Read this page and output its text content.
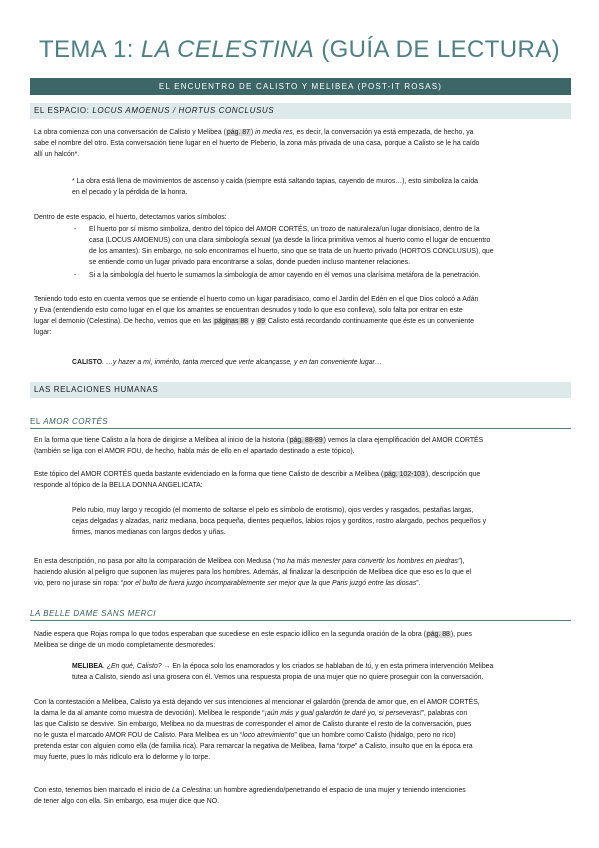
TEMA 1: LA CELESTINA (GUÍA DE LECTURA)
EL ENCUENTRO DE CALISTO Y MELIBEA (POST-IT ROSAS)
EL ESPACIO: LOCUS AMOENUS / HORTUS CONCLUSUS
La obra comienza con una conversación de Calisto y Melibea (pág. 87) in media res, es decir, la conversación ya está empezada, de hecho, ya
sabe el nombre del otro. Esta conversación tiene lugar en el huerto de Pleberio, la zona más privada de una casa, porque a Calisto se le ha caído
allí un halcón*.
* La obra está llena de movimientos de ascenso y caída (siempre está saltando tapias, cayendo de muros…), esto simboliza la caída
en el pecado y la pérdida de la honra.
Dentro de este espacio, el huerto, detectamos varios símbolos:
-	El huerto por sí mismo simboliza, dentro del tópico del AMOR CORTÉS, un trozo de naturaleza/un lugar dionisíaco, dentro de la
casa (LOCUS AMOENUS) con una clara simbología sexual (ya desde la lírica primitiva vemos al huerto como el lugar de encuentro
de los amantes). Sin embargo, no solo encontramos el huerto, sino que se trata de un huerto privado (HORTOS CONCLUSUS), que
se entiende como un lugar privado para encontrarse a solas, donde pueden incluso mantener relaciones.
-	Si a la simbología del huerto le sumamos la simbología de amor cayendo en él vemos una clarísima metáfora de la penetración.
Teniendo todo esto en cuenta vemos que se entiende el huerto como un lugar paradisiaco, como el Jardín del Edén en el que Dios colocó a Adán
y Eva (entendiendo esto como lugar en el que los amantes se encuentran desnudos y todo lo que eso conlleva), solo falta por entrar en este
lugar el demonio (Celestina). De hecho, vemos que en las páginas 88 y 89 Calisto está recordando continuamente que éste es un conveniente
lugar:
CALISTO. …y hazer a mí, inmérito, tanta merced que verte alcançasse, y en tan conveniente lugar…
LAS RELACIONES HUMANAS
EL AMOR CORTÉS
En la forma que tiene Calisto a la hora de dirigirse a Melibea al inicio de la historia (pág. 88-89) vemos la clara ejemplificación del AMOR CORTÉS
(también se liga con el AMOR FOU, de hecho, habla más de ello en el apartado destinado a este tópico).
Este tópico del AMOR CORTÉS queda bastante evidenciado en la forma que tiene Calisto de describir a Melibea (pág. 102-103), descripción que
responde al tópico de la BELLA DONNA ANGELICATA:
Pelo rubio, muy largo y recogido (el momento de soltarse el pelo es símbolo de erotismo), ojos verdes y rasgados, pestañas largas,
cejas delgadas y alzadas, nariz mediana, boca pequeña, dientes pequeños, labios rojos y gorditos, rostro alargado, pechos pequeños y
firmes, manos medianas con largos dedos y uñas.
En esta descripción, no pasa por alto la comparación de Melibea con Medusa (“no ha más menester para convertir los hombres en piedras”),
haciendo alusión al peligro que suponen las mujeres para los hombres. Además, al finalizar la descripción de Melibea dice que eso es lo que el
vio, pero no jurase sin ropa: “por el bulto de fuera juzgo incomparablemente ser mejor que la que Paris juzgó entre las diosas”.
LA BELLE DAME SANS MERCI
Nadie espera que Rojas rompa lo que todos esperaban que sucediese en este espacio idílico en la segunda oración de la obra (pág. 88), pues
Melibea se dirige de un modo completamente desmoredes:
MELIBEA. ¿En qué, Calisto? → En la época solo los enamorados y los criados se hablaban de tú, y en esta primera intervención Melibea
tutea a Calisto, siendo así una grosera con él. Vemos una respuesta propia de una mujer que no quiere proseguir con la conversación.
Con la contestación a Melibea, Calisto ya está dejando ver sus intenciones al mencionar el galardón (prenda de amor que, en el AMOR CORTÉS,
la dama le da al amante como muestra de devoción). Melibea le responde “¡aún más y gual galardón te daré yo, si perseveras!”, palabras con
las que Calisto se desvive. Sin embargo, Melibea no da muestras de corresponder el amor de Calisto durante el resto de la conversación, pues
no le gusta el marcado AMOR FOU de Calisto. Para Melibea es un “loco atrevimiento” que un hombre como Calisto (hidalgo, pero no rico)
pretenda estar con alguien como ella (de familia rica). Para remarcar la negativa de Melibea, llama “torpe” a Calisto, insulto que en la época era
muy fuerte, pues lo más ridículo era lo deforme y lo torpe.
Con esto, tenemos bien marcado el inicio de La Celestina: un hombre agrediendo/penetrando el espacio de una mujer y teniendo intenciones
de tener algo con ella. Sin embargo, esa mujer dice que NO.
